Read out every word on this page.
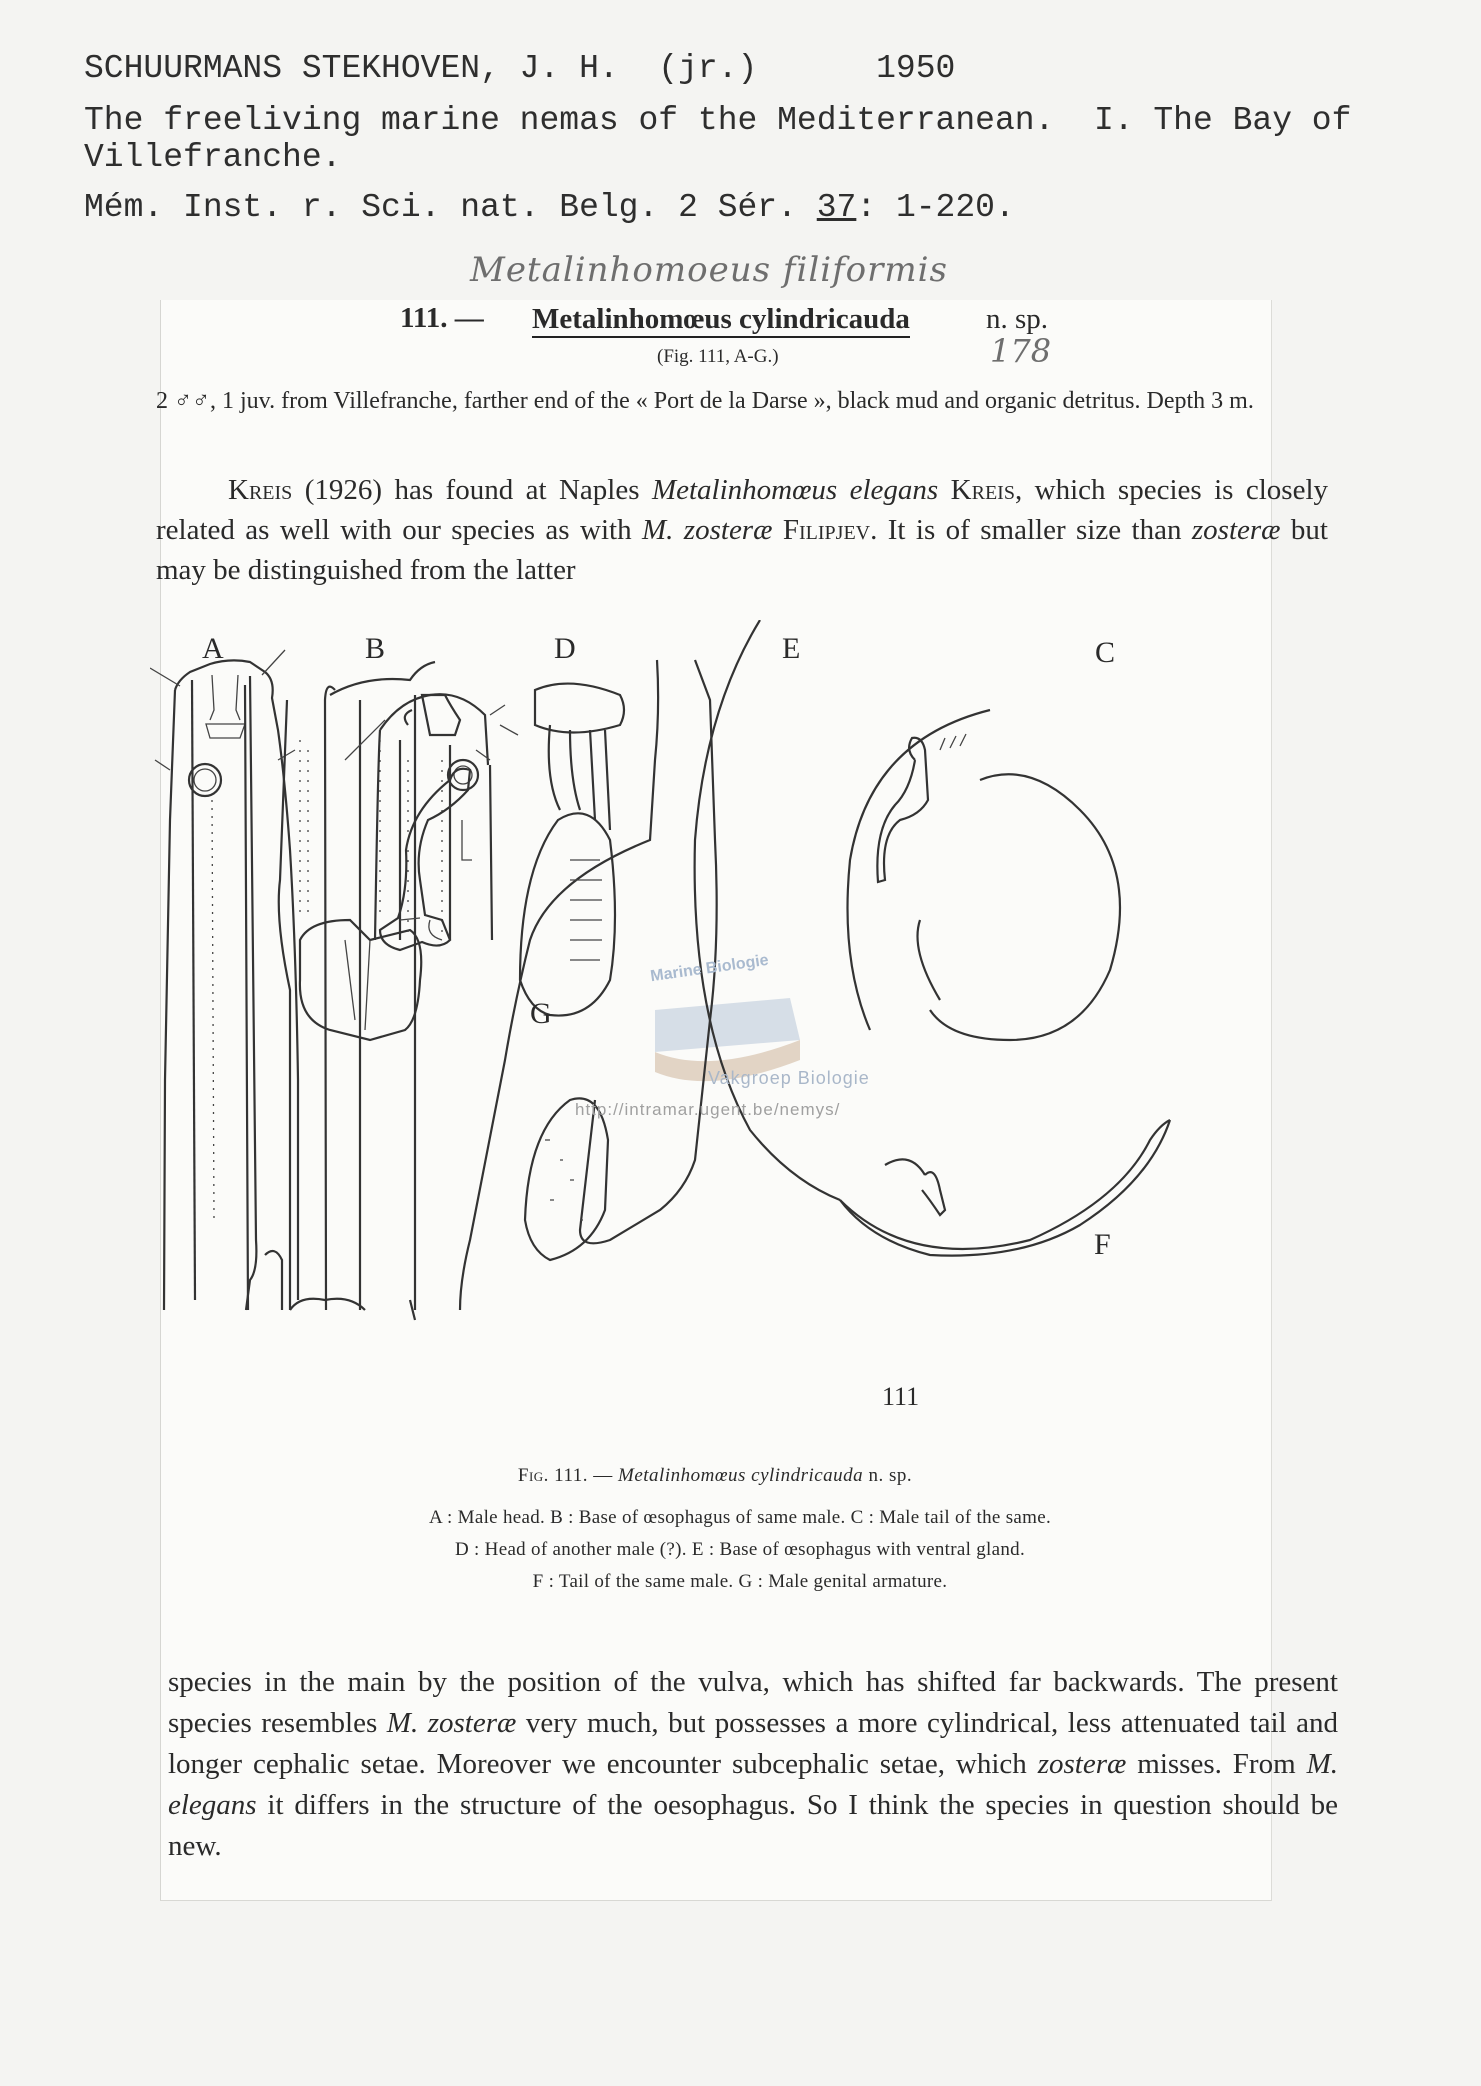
SCHUURMANS STEKHOVEN, J. H.  (jr.)      1950
The freeliving marine nemas of the Mediterranean.  I. The Bay of
Villefranche.
Mém. Inst. r. Sci. nat. Belg. 2 Sér. 37: 1-220.
Metalinhomoeus filiformis
111. — Metalinhomœus cylindricauda	n. sp.
(Fig. 111, A-G.)	178
2 ♂♂, 1 juv. from Villefranche, farther end of the « Port de la Darse », black mud and organic detritus. Depth 3 m.
Kreis (1926) has found at Naples Metalinhomœus elegans Kreis, which species is closely related as well with our species as with M. zosteræ Filipjev. It is of smaller size than zosteræ but may be distinguished from the latter
A	B	D	E	C
G
F
111
Marine Biologie
Vakgroep Biologie
http://intramar.ugent.be/nemys/
Fig. 111. — Metalinhomœus cylindricauda n. sp.
A : Male head. B : Base of œsophagus of same male. C : Male tail of the same.
D : Head of another male (?). E : Base of œsophagus with ventral gland.
F : Tail of the same male. G : Male genital armature.
species in the main by the position of the vulva, which has shifted far backwards. The present species resembles M. zosteræ very much, but possesses a more cylindrical, less attenuated tail and longer cephalic setae. Moreover we encounter subcephalic setae, which zosteræ misses. From M. elegans it differs in the structure of the oesophagus. So I think the species in question should be new.
